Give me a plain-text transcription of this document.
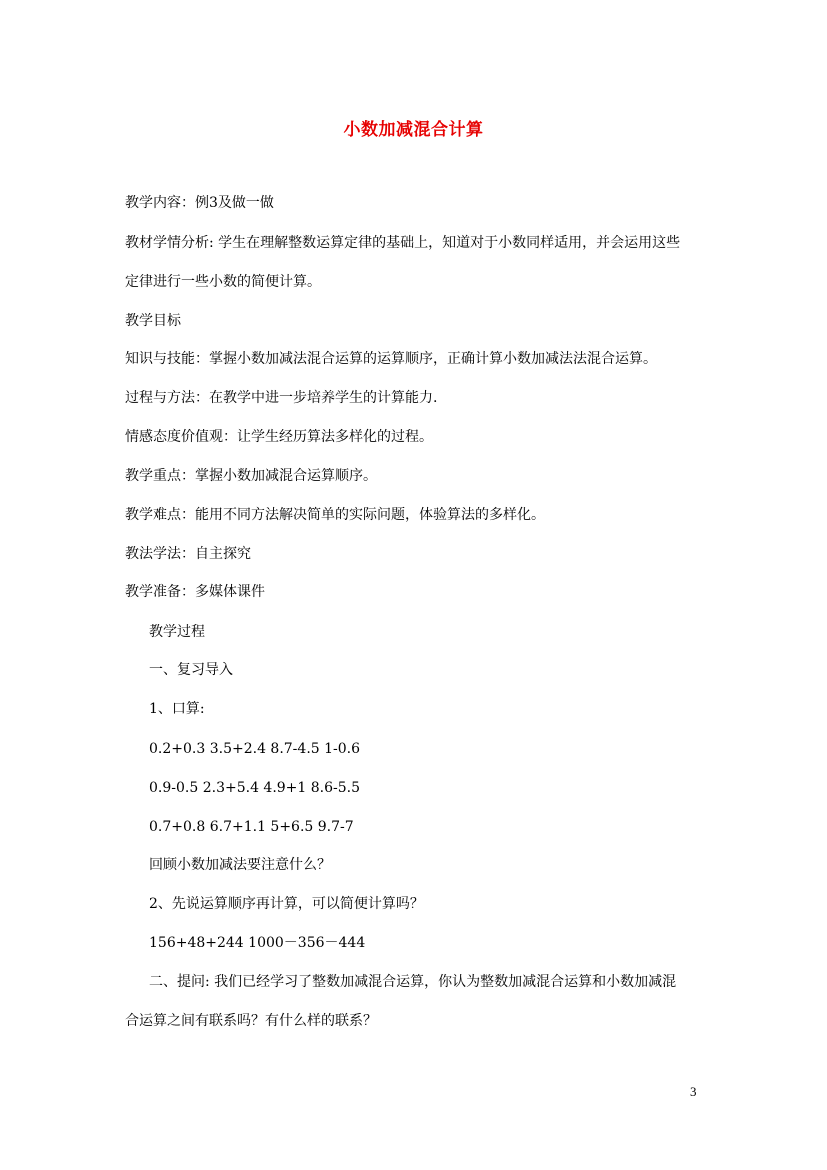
小数加减混合计算
教学内容：例3及做一做
教材学情分析: 学生在理解整数运算定律的基础上，知道对于小数同样适用，并会运用这些
定律进行一些小数的简便计算。
教学目标
知识与技能：掌握小数加减法混合运算的运算顺序，正确计算小数加减法法混合运算。
过程与方法：在教学中进一步培养学生的计算能力.
情感态度价值观：让学生经历算法多样化的过程。
教学重点：掌握小数加减混合运算顺序。
教学难点：能用不同方法解决简单的实际问题，体验算法的多样化。
教法学法：自主探究
教学准备：多媒体课件
教学过程
一、复习导入
1、口算:
0.2+0.3 3.5+2.4 8.7-4.5 1-0.6
0.9-0.5 2.3+5.4 4.9+1 8.6-5.5
0.7+0.8 6.7+1.1 5+6.5 9.7-7
回顾小数加减法要注意什么？
2、先说运算顺序再计算，可以简便计算吗？
156+48+244 1000－356－444
二、提问: 我们已经学习了整数加减混合运算，你认为整数加减混合运算和小数加减混
合运算之间有联系吗？有什么样的联系？
3
